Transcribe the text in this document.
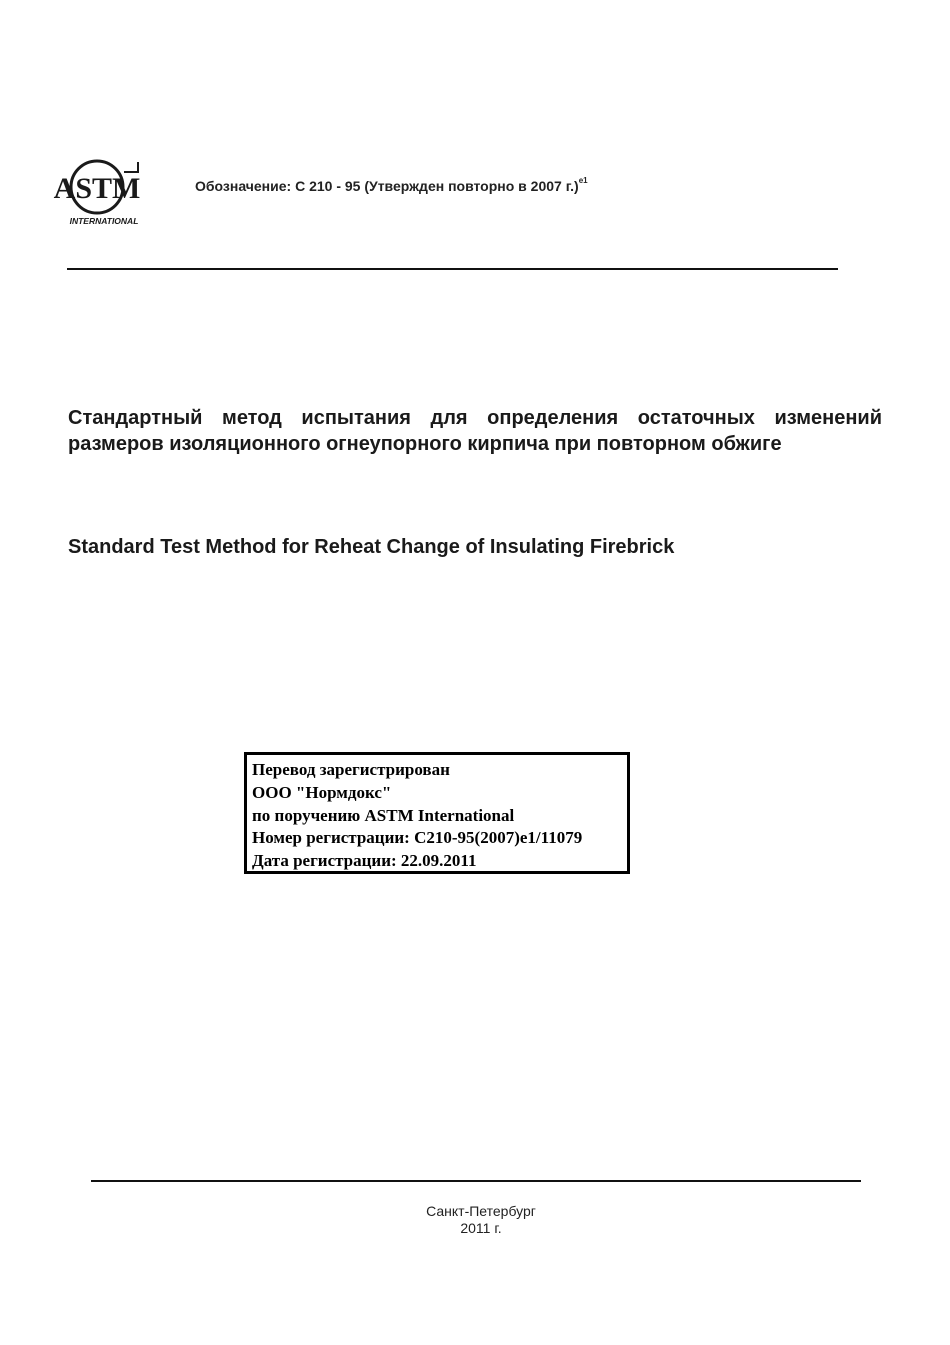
ASTM
INTERNATIONAL
Обозначение: C 210 - 95 (Утвержден повторно в 2007 г.)$^{e1}$
Стандартный метод испытания для определения остаточных изменений размеров изоляционного огнеупорного кирпича при повторном обжиге
Standard Test Method for Reheat Change of Insulating Firebrick
Перевод зарегистрирован
ООО "Нормдокс"
по поручению ASTM International
Номер регистрации: C210-95(2007)e1/11079
Дата регистрации: 22.09.2011
Санкт-Петербург
2011 г.
